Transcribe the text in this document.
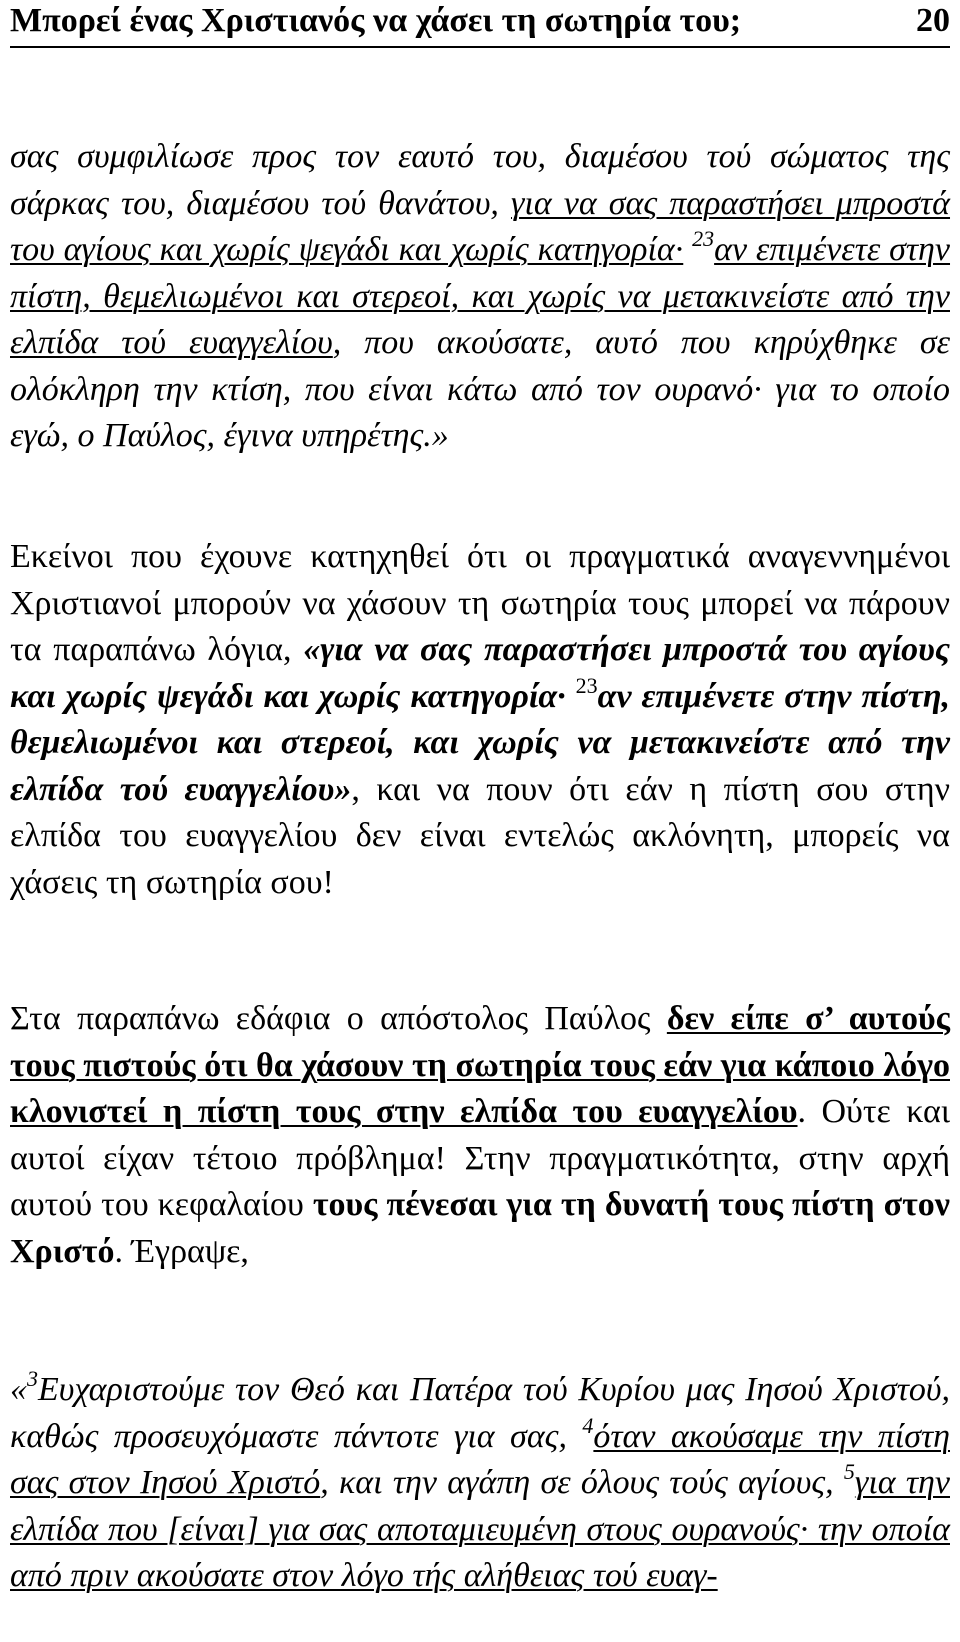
Μπορεί ένας Χριστιανός να χάσει τη σωτηρία του;	20

σας συμφιλίωσε προς τον εαυτό του, διαμέσου τού σώματος της σάρκας του, διαμέσου τού θανάτου, για να σας παραστήσει μπροστά του αγίους και χωρίς ψεγάδι και χωρίς κατηγορία· $^{23}$αν επιμένετε στην πίστη, θεμελιωμένοι και στερεοί, και χωρίς να μετακινείστε από την ελπίδα τού ευαγγελίου, που ακούσατε, αυτό που κηρύχθηκε σε ολόκληρη την κτίση, που είναι κάτω από τον ουρανό· για το οποίο εγώ, ο Παύλος, έγινα υπηρέτης.»

Εκείνοι που έχουνε κατηχηθεί ότι οι πραγματικά αναγεννημένοι Χριστιανοί μπορούν να χάσουν τη σωτηρία τους μπορεί να πάρουν τα παραπάνω λόγια, «για να σας παραστήσει μπροστά του αγίους και χωρίς ψεγάδι και χωρίς κατηγορία· $^{23}$αν επιμένετε στην πίστη, θεμελιωμένοι και στερεοί, και χωρίς να μετακινείστε από την ελπίδα τού ευαγγελίου», και να πουν ότι εάν η πίστη σου στην ελπίδα του ευαγγελίου δεν είναι εντελώς ακλόνητη, μπορείς να χάσεις τη σωτηρία σου!

Στα παραπάνω εδάφια ο απόστολος Παύλος δεν είπε σ’ αυτούς τους πιστούς ότι θα χάσουν τη σωτηρία τους εάν για κάποιο λόγο κλονιστεί η πίστη τους στην ελπίδα του ευαγγελίου. Ούτε και αυτοί είχαν τέτοιο πρόβλημα! Στην πραγματικότητα, στην αρχή αυτού του κεφαλαίου τους πένεσαι για τη δυνατή τους πίστη στον Χριστό. Έγραψε,

«$^3$Ευχαριστούμε τον Θεό και Πατέρα τού Κυρίου μας Ιησού Χριστού, καθώς προσευχόμαστε πάντοτε για σας, $^4$όταν ακούσαμε την πίστη σας στον Ιησού Χριστό, και την αγάπη σε όλους τούς αγίους, $^5$για την ελπίδα που [είναι] για σας αποταμιευμένη στους ουρανούς· την οποία από πριν ακούσατε στον λόγο τής αλήθειας τού ευαγ-
